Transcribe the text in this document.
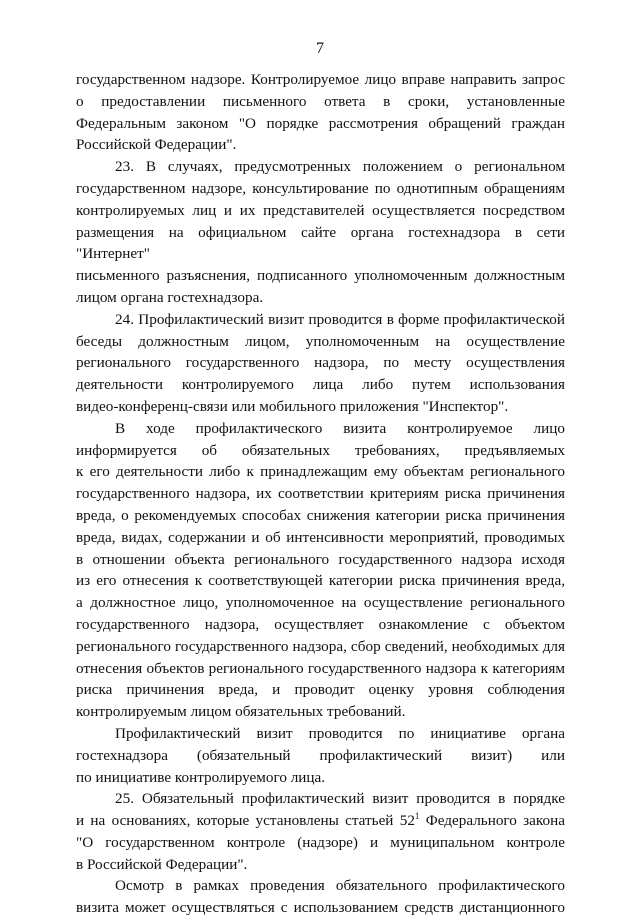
7
государственном надзоре. Контролируемое лицо вправе направить запрос
о предоставлении письменного ответа в сроки, установленные
Федеральным законом "О порядке рассмотрения обращений граждан
Российской Федерации".
23. В случаях, предусмотренных положением о региональном
государственном надзоре, консультирование по однотипным обращениям
контролируемых лиц и их представителей осуществляется посредством
размещения на официальном сайте органа гостехнадзора в сети "Интернет"
письменного разъяснения, подписанного уполномоченным должностным
лицом органа гостехнадзора.
24. Профилактический визит проводится в форме профилактической
беседы должностным лицом, уполномоченным на осуществление
регионального государственного надзора, по месту осуществления
деятельности контролируемого лица либо путем использования
видео-конференц-связи или мобильного приложения "Инспектор".
В ходе профилактического визита контролируемое лицо
информируется об обязательных требованиях, предъявляемых
к его деятельности либо к принадлежащим ему объектам регионального
государственного надзора, их соответствии критериям риска причинения
вреда, о рекомендуемых способах снижения категории риска причинения
вреда, видах, содержании и об интенсивности мероприятий, проводимых
в отношении объекта регионального государственного надзора исходя
из его отнесения к соответствующей категории риска причинения вреда,
а должностное лицо, уполномоченное на осуществление регионального
государственного надзора, осуществляет ознакомление с объектом
регионального государственного надзора, сбор сведений, необходимых для
отнесения объектов регионального государственного надзора к категориям
риска причинения вреда, и проводит оценку уровня соблюдения
контролируемым лицом обязательных требований.
Профилактический визит проводится по инициативе органа
гостехнадзора (обязательный профилактический визит) или
по инициативе контролируемого лица.
25. Обязательный профилактический визит проводится в порядке
и на основаниях, которые установлены статьей $52^1$ Федерального закона
"О государственном контроле (надзоре) и муниципальном контроле
в Российской Федерации".
Осмотр в рамках проведения обязательного профилактического
визита может осуществляться с использованием средств дистанционного
